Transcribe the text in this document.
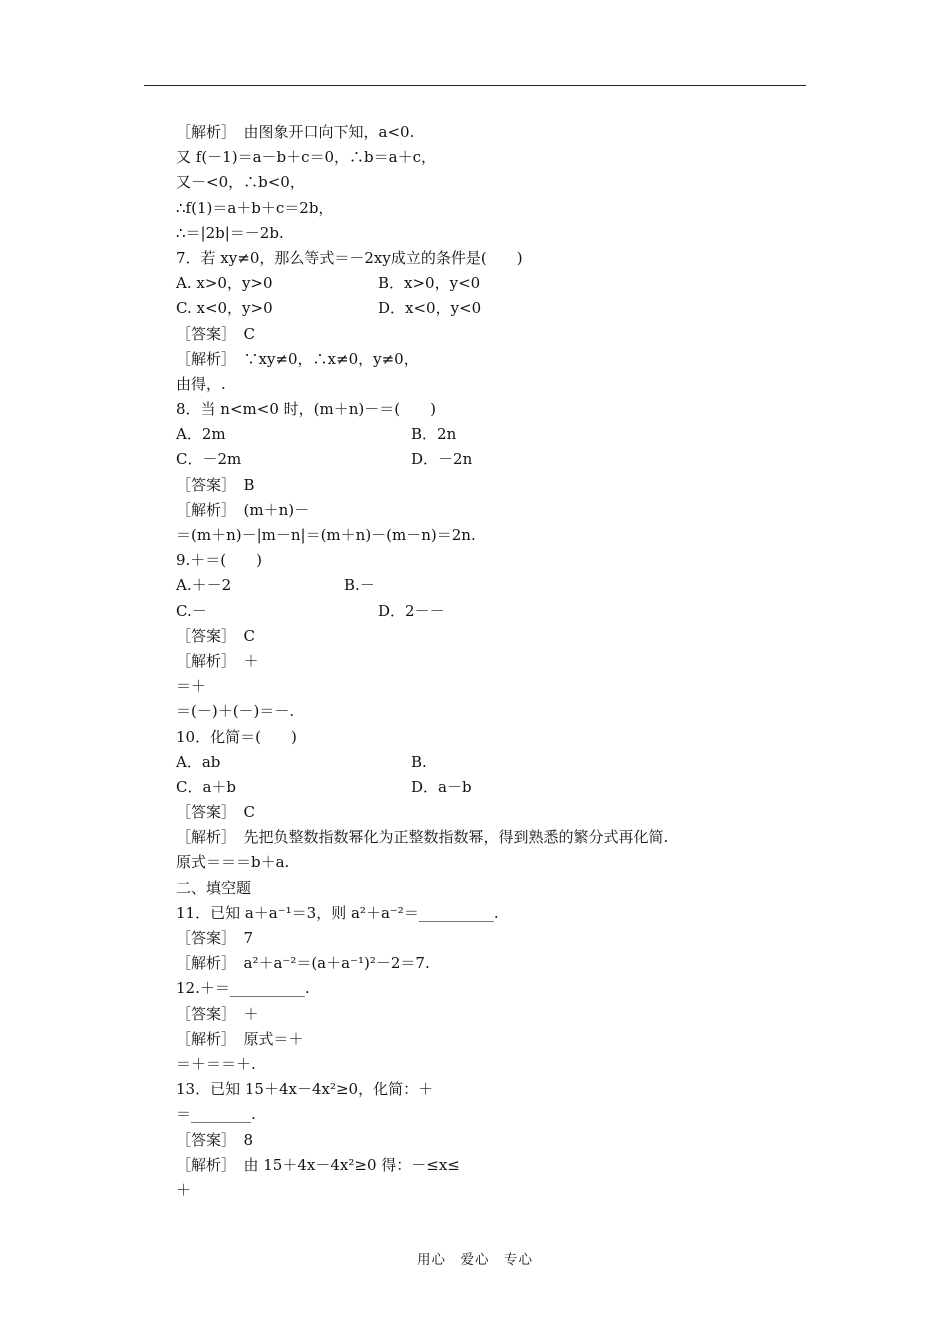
［解析］　由图象开口向下知，a<0.
又 f(－1)＝a－b＋c＝0，∴b＝a＋c，
又－<0，∴b<0，
∴f(1)＝a＋b＋c＝2b，
∴＝|2b|＝－2b.
7．若 xy≠0，那么等式＝－2xy成立的条件是(　　)
A. x>0，y>0	B．x>0，y<0
C. x<0，y>0	D．x<0，y<0
［答案］　C
［解析］　∵xy≠0，∴x≠0，y≠0，
由得，.
8．当 n<m<0 时，(m＋n)－＝(　　)
A．2m	B．2n
C．－2m	D．－2n
［答案］　B
［解析］　(m＋n)－
＝(m＋n)－|m－n|＝(m＋n)－(m－n)＝2n.
9.＋＝(　　)
A.＋－2	B.－
C.－	D．2－－
［答案］　C
［解析］　＋
＝＋
＝(－)＋(－)＝－.
10．化简＝(　　)
A．ab	B.
C．a＋b	D．a－b
［答案］　C
［解析］　先把负整数指数幂化为正整数指数幂，得到熟悉的繁分式再化简.
原式＝＝＝b＋a.
二、填空题
11．已知 a＋a⁻¹＝3，则 a²＋a⁻²＝__________.
［答案］　7
［解析］　a²＋a⁻²＝(a＋a⁻¹)²－2＝7.
12.＋＝__________.
［答案］　＋
［解析］　原式＝＋
＝＋＝＝＋.
13．已知 15＋4x－4x²≥0，化简：＋
＝________.
［答案］　8
［解析］　由 15＋4x－4x²≥0 得：－≤x≤
＋
用心　爱心　专心
